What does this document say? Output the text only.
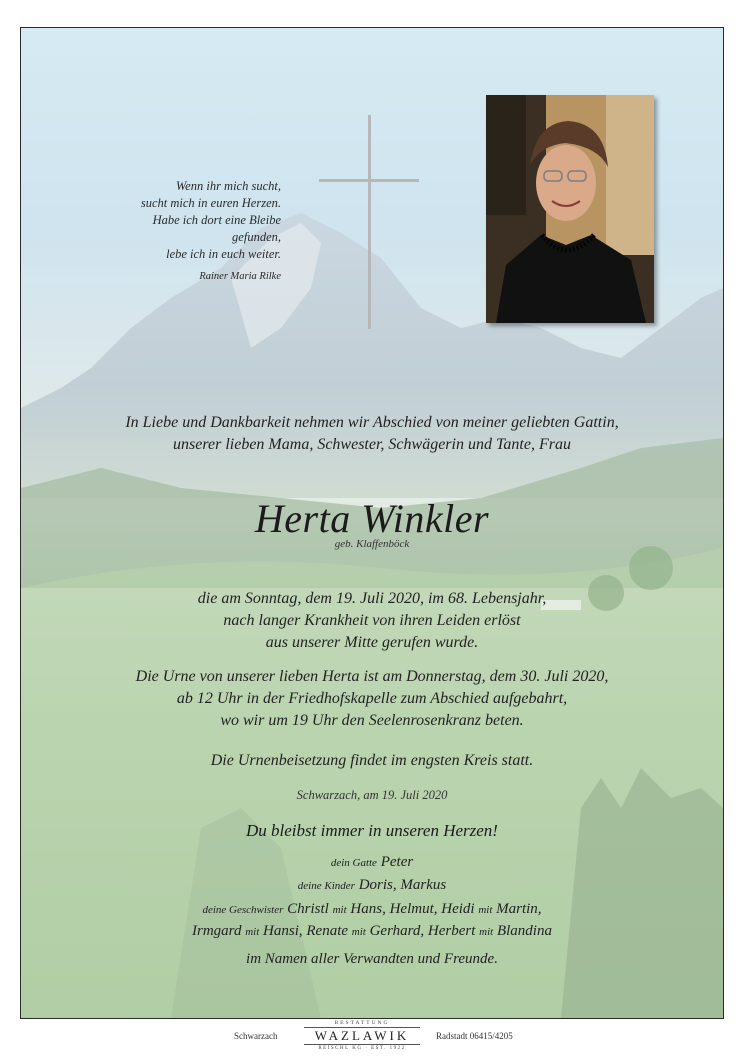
Wenn ihr mich sucht,
sucht mich in euren Herzen.
Habe ich dort eine Bleibe gefunden,
lebe ich in euch weiter.
Rainer Maria Rilke
In Liebe und Dankbarkeit nehmen wir Abschied von meiner geliebten Gattin,
unserer lieben Mama, Schwester, Schwägerin und Tante, Frau
Herta Winkler
geb. Klaffenböck
die am Sonntag, dem 19. Juli 2020, im 68. Lebensjahr,
nach langer Krankheit von ihren Leiden erlöst
aus unserer Mitte gerufen wurde.
Die Urne von unserer lieben Herta ist am Donnerstag, dem 30. Juli 2020,
ab 12 Uhr in der Friedhofskapelle zum Abschied aufgebahrt,
wo wir um 19 Uhr den Seelenrosenkranz beten.
Die Urnenbeisetzung findet im engsten Kreis statt.
Schwarzach, am 19. Juli 2020
Du bleibst immer in unseren Herzen!
dein Gatte Peter
deine Kinder Doris, Markus
deine Geschwister Christl mit Hans, Helmut, Heidi mit Martin,
Irmgard mit Hansi, Renate mit Gerhard, Herbert mit Blandina
im Namen aller Verwandten und Freunde.
Schwarzach
BESTATTUNG
WAZLAWIK
REISCHL KG · EST. 1922
Radstadt 06415/4205
